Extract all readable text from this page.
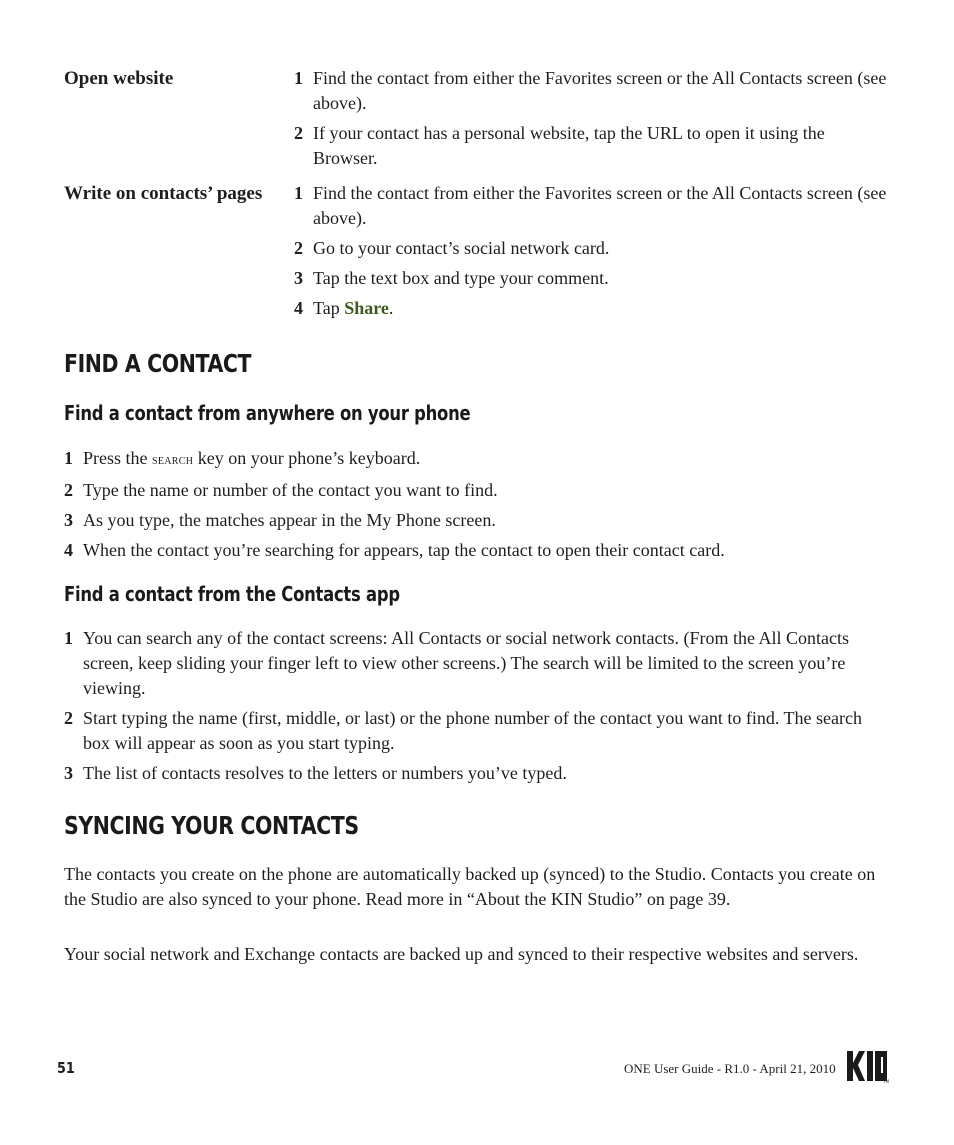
Open website	1 Find the contact from either the Favorites screen or the All Contacts screen (see above).
2 If your contact has a personal website, tap the URL to open it using the Browser.
Write on contacts’ pages	1 Find the contact from either the Favorites screen or the All Contacts screen (see above).
2 Go to your contact’s social network card.
3 Tap the text box and type your comment.
4 Tap Share.
FIND A CONTACT
Find a contact from anywhere on your phone
1 Press the search key on your phone’s keyboard.
2 Type the name or number of the contact you want to find.
3 As you type, the matches appear in the My Phone screen.
4 When the contact you’re searching for appears, tap the contact to open their contact card.
Find a contact from the Contacts app
1 You can search any of the contact screens: All Contacts or social network contacts. (From the All Contacts screen, keep sliding your finger left to view other screens.) The search will be limited to the screen you’re viewing.
2 Start typing the name (first, middle, or last) or the phone number of the contact you want to find. The search box will appear as soon as you start typing.
3 The list of contacts resolves to the letters or numbers you’ve typed.
SYNCING YOUR CONTACTS

The contacts you create on the phone are automatically backed up (synced) to the Studio. Contacts you create on the Studio are also synced to your phone. Read more in “About the KIN Studio” on page 39.

Your social network and Exchange contacts are backed up and synced to their respective websites and servers.

51	ONE User Guide - R1.0 - April 21, 2010
TM
